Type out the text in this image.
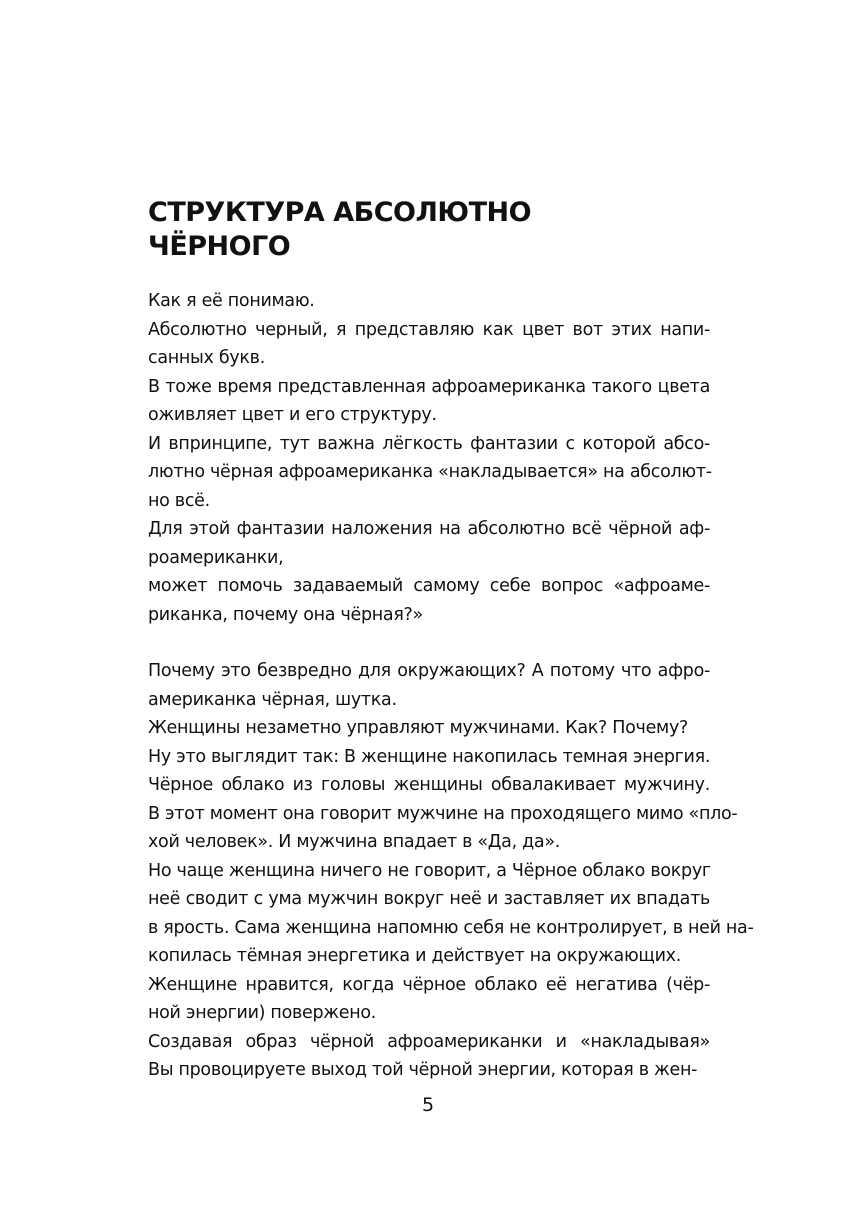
СТРУКТУРА АБСОЛЮТНО
ЧЁРНОГО

Как я её понимаю.

Абсолютно черный, я представляю как цвет вот этих напи-
санных букв.

В тоже время представленная афроамериканка такого цвета
оживляет цвет и его структуру.

И впринципе, тут важна лёгкость фантазии с которой абсо-
лютно чёрная афроамериканка «накладывается» на абсолют-
но всё.

Для этой фантазии наложения на абсолютно всё чёрной аф-
роамериканки,

может помочь задаваемый самому себе вопрос «афроаме-
риканка, почему она чёрная?»

Почему это безвредно для окружающих? А потому что афро-
американка чёрная, шутка.

Женщины незаметно управляют мужчинами. Как? Почему?

Ну это выглядит так: В женщине накопилась темная энергия.
Чёрное облако из головы женщины обвалакивает мужчину.
В этот момент она говорит мужчине на проходящего мимо «пло-
хой человек». И мужчина впадает в «Да, да».

Но чаще женщина ничего не говорит, а Чёрное облако вокруг
неё сводит с ума мужчин вокруг неё и заставляет их впадать
в ярость. Сама женщина напомню себя не контролирует, в ней на-
копилась тёмная энергетика и действует на окружающих.

Женщине нравится, когда чёрное облако её негатива (чёр-
ной энергии) повержено.

Создавая образ чёрной афроамериканки и «накладывая»
Вы провоцируете выход той чёрной энергии, которая в жен-

5
